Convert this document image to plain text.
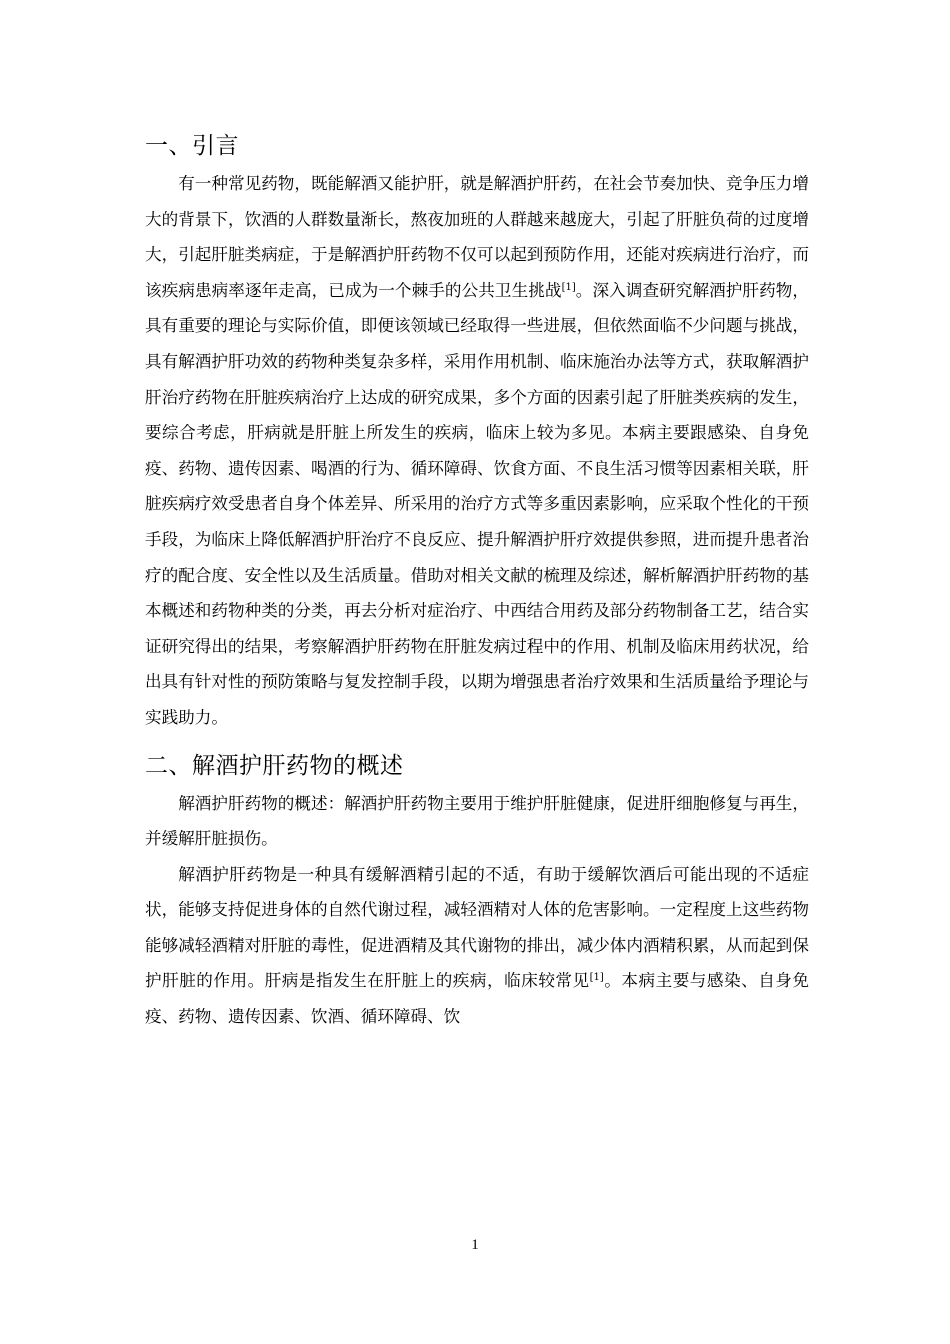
一、引言

有一种常见药物，既能解酒又能护肝，就是解酒护肝药，在社会节奏加快、竞争压力增大的背景下，饮酒的人群数量渐长，熬夜加班的人群越来越庞大，引起了肝脏负荷的过度增大，引起肝脏类病症，于是解酒护肝药物不仅可以起到预防作用，还能对疾病进行治疗，而该疾病患病率逐年走高，已成为一个棘手的公共卫生挑战[1]。深入调查研究解酒护肝药物，具有重要的理论与实际价值，即便该领域已经取得一些进展，但依然面临不少问题与挑战，具有解酒护肝功效的药物种类复杂多样，采用作用机制、临床施治办法等方式，获取解酒护肝治疗药物在肝脏疾病治疗上达成的研究成果，多个方面的因素引起了肝脏类疾病的发生，要综合考虑，肝病就是肝脏上所发生的疾病，临床上较为多见。本病主要跟感染、自身免疫、药物、遗传因素、喝酒的行为、循环障碍、饮食方面、不良生活习惯等因素相关联，肝脏疾病疗效受患者自身个体差异、所采用的治疗方式等多重因素影响，应采取个性化的干预手段，为临床上降低解酒护肝治疗不良反应、提升解酒护肝疗效提供参照，进而提升患者治疗的配合度、安全性以及生活质量。借助对相关文献的梳理及综述，解析解酒护肝药物的基本概述和药物种类的分类，再去分析对症治疗、中西结合用药及部分药物制备工艺，结合实证研究得出的结果，考察解酒护肝药物在肝脏发病过程中的作用、机制及临床用药状况，给出具有针对性的预防策略与复发控制手段，以期为增强患者治疗效果和生活质量给予理论与实践助力。

二、解酒护肝药物的概述

解酒护肝药物的概述：解酒护肝药物主要用于维护肝脏健康，促进肝细胞修复与再生，并缓解肝脏损伤。

解酒护肝药物是一种具有缓解酒精引起的不适，有助于缓解饮酒后可能出现的不适症状，能够支持促进身体的自然代谢过程，减轻酒精对人体的危害影响。一定程度上这些药物能够减轻酒精对肝脏的毒性，促进酒精及其代谢物的排出，减少体内酒精积累，从而起到保护肝脏的作用。肝病是指发生在肝脏上的疾病，临床较常见[1]。本病主要与感染、自身免疫、药物、遗传因素、饮酒、循环障碍、饮

1
